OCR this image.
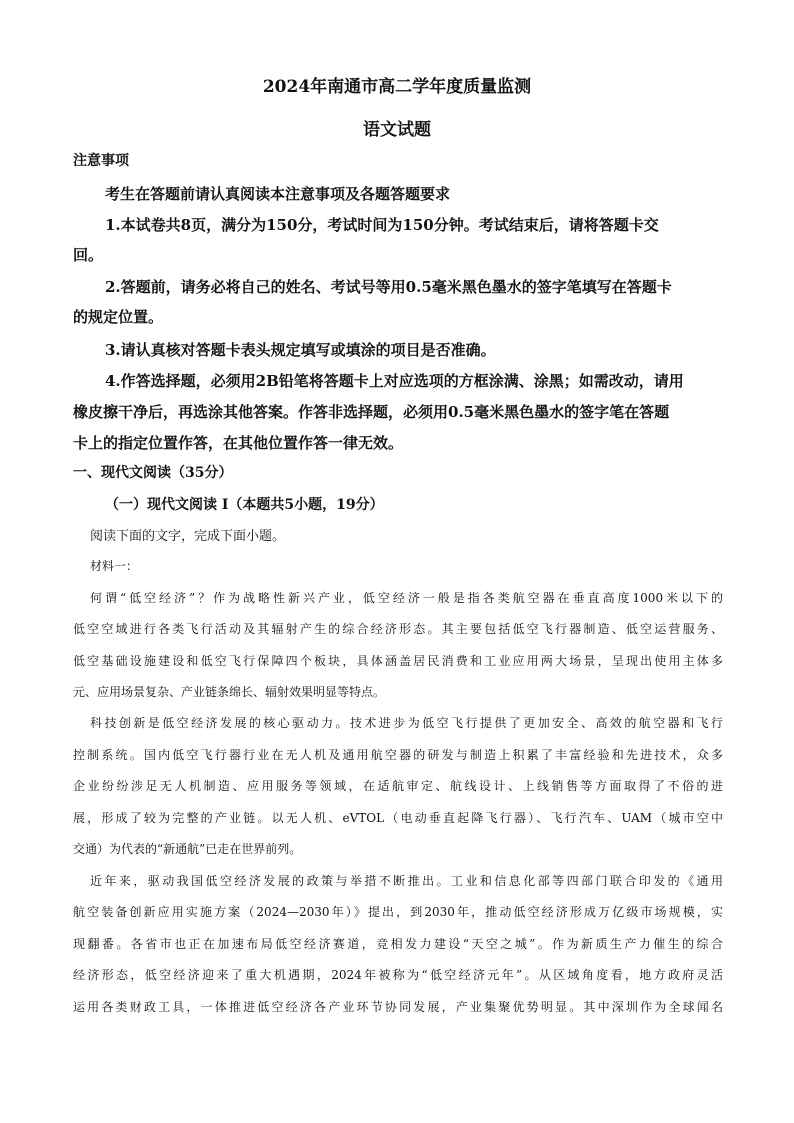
2024年南通市高二学年度质量监测
语文试题
注意事项
考生在答题前请认真阅读本注意事项及各题答题要求
1.本试卷共8页，满分为150分，考试时间为150分钟。考试结束后，请将答题卡交
回。
2.答题前，请务必将自己的姓名、考试号等用0.5毫米黑色墨水的签字笔填写在答题卡
的规定位置。
3.请认真核对答题卡表头规定填写或填涂的项目是否准确。
4.作答选择题，必须用2B铅笔将答题卡上对应选项的方框涂满、涂黑；如需改动，请用
橡皮擦干净后，再选涂其他答案。作答非选择题，必须用0.5毫米黑色墨水的签字笔在答题
卡上的指定位置作答，在其他位置作答一律无效。
一、现代文阅读（35分）
（一）现代文阅读 I（本题共5小题，19分）
阅读下面的文字，完成下面小题。
材料一：
何谓“低空经济”？作为战略性新兴产业，低空经济一般是指各类航空器在垂直高度1000米以下的
低空空域进行各类飞行活动及其辐射产生的综合经济形态。其主要包括低空飞行器制造、低空运营服务、
低空基础设施建设和低空飞行保障四个板块，具体涵盖居民消费和工业应用两大场景，呈现出使用主体多
元、应用场景复杂、产业链条绵长、辐射效果明显等特点。
科技创新是低空经济发展的核心驱动力。技术进步为低空飞行提供了更加安全、高效的航空器和飞行
控制系统。国内低空飞行器行业在无人机及通用航空器的研发与制造上积累了丰富经验和先进技术，众多
企业纷纷涉足无人机制造、应用服务等领域，在适航审定、航线设计、上线销售等方面取得了不俗的进
展，形成了较为完整的产业链。以无人机、eVTOL（电动垂直起降飞行器）、飞行汽车、UAM（城市空中
交通）为代表的“新通航”已走在世界前列。
近年来，驱动我国低空经济发展的政策与举措不断推出。工业和信息化部等四部门联合印发的《通用
航空装备创新应用实施方案（2024—2030年）》提出，到2030年，推动低空经济形成万亿级市场规模，实
现翻番。各省市也正在加速布局低空经济赛道，竞相发力建设“天空之城”。作为新质生产力催生的综合
经济形态，低空经济迎来了重大机遇期，2024年被称为“低空经济元年”。从区域角度看，地方政府灵活
运用各类财政工具，一体推进低空经济各产业环节协同发展，产业集聚优势明显。其中深圳作为全球闻名
